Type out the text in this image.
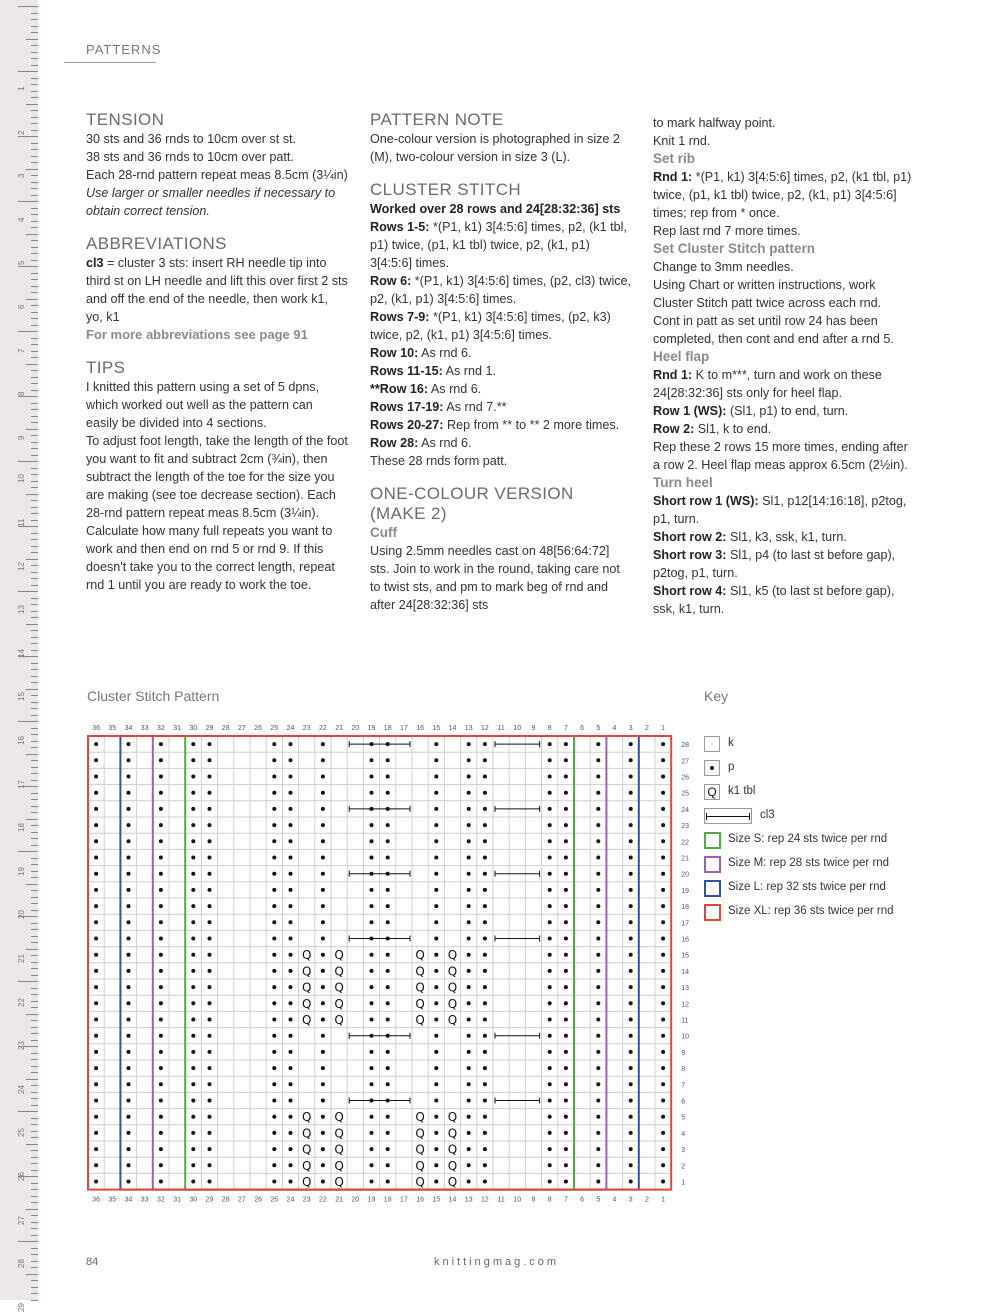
1
2
3
4
5
6
7
8
9
10
11
12
13
14
15
16
17
18
19
20
21
22
23
24
25
26
27
28
29
PATTERNS

TENSION

30 sts and 36 rnds to 10cm over st st.

38 sts and 36 rnds to 10cm over patt.

Each 28-rnd pattern repeat meas 8.5cm (3¼in)

Use larger or smaller needles if necessary to obtain correct tension.

ABBREVIATIONS

cl3 = cluster 3 sts: insert RH needle tip into third st on LH needle and lift this over first 2 sts and off the end of the needle, then work k1, yo, k1

For more abbreviations see page 91

TIPS

I knitted this pattern using a set of 5 dpns, which worked out well as the pattern can easily be divided into 4 sections.

To adjust foot length, take the length of the foot you want to fit and subtract 2cm (¾in), then subtract the length of the toe for the size you are making (see toe decrease section). Each 28-rnd pattern repeat meas 8.5cm (3¼in). Calculate how many full repeats you want to work and then end on rnd 5 or rnd 9. If this doesn't take you to the correct length, repeat rnd 1 until you are ready to work the toe.

PATTERN NOTE

One-colour version is photographed in size 2 (M), two-colour version in size 3 (L).

CLUSTER STITCH

Worked over 28 rows and 24[28:32:36] sts

Rows 1-5: *(P1, k1) 3[4:5:6] times, p2, (k1 tbl, p1) twice, (p1, k1 tbl) twice, p2, (k1, p1) 3[4:5:6] times.

Row 6: *(P1, k1) 3[4:5:6] times, (p2, cl3) twice, p2, (k1, p1) 3[4:5:6] times.

Rows 7-9: *(P1, k1) 3[4:5:6] times, (p2, k3) twice, p2, (k1, p1) 3[4:5:6] times.

Row 10: As rnd 6.

Rows 11-15: As rnd 1.

**Row 16: As rnd 6.

Rows 17-19: As rnd 7.**

Rows 20-27: Rep from ** to ** 2 more times.

Row 28: As rnd 6.

These 28 rnds form patt.

ONE-COLOUR VERSION (MAKE 2)

Cuff

Using 2.5mm needles cast on 48[56:64:72] sts. Join to work in the round, taking care not to twist sts, and pm to mark beg of rnd and after 24[28:32:36] sts

to mark halfway point.

Knit 1 rnd.

Set rib

Rnd 1: *(P1, k1) 3[4:5:6] times, p2, (k1 tbl, p1) twice, (p1, k1 tbl) twice, p2, (k1, p1) 3[4:5:6] times; rep from * once.

Rep last rnd 7 more times.

Set Cluster Stitch pattern

Change to 3mm needles.

Using Chart or written instructions, work Cluster Stitch patt twice across each rnd.

Cont in patt as set until row 24 has been completed, then cont and end after a rnd 5.

Heel flap

Rnd 1: K to m***, turn and work on these 24[28:32:36] sts only for heel flap.

Row 1 (WS): (Sl1, p1) to end, turn.

Row 2: Sl1, k to end.

Rep these 2 rows 15 more times, ending after a row 2. Heel flap meas approx 6.5cm (2½in).

Turn heel

Short row 1 (WS): Sl1, p12[14:16:18], p2tog, p1, turn.

Short row 2: Sl1, k3, ssk, k1, turn.

Short row 3: Sl1, p4 (to last st before gap), p2tog, p1, turn.

Short row 4: Sl1, k5 (to last st before gap), ssk, k1, turn.

Cluster Stitch Pattern
Ԛ
Ԛ
Ԛ
Ԛ
Ԛ
Ԛ
Ԛ
Ԛ
Ԛ
Ԛ
Ԛ
Ԛ
Ԛ
Ԛ
Ԛ
Ԛ
Ԛ
Ԛ
Ԛ
Ԛ
Ԛ
Ԛ
Ԛ
Ԛ
Ԛ
Ԛ
Ԛ
Ԛ
Ԛ
Ԛ
Ԛ
Ԛ
Ԛ
Ԛ
Ԛ
Ԛ
Ԛ
Ԛ
Ԛ
Ԛ
1
1
2
2
3
3
4
4
5
5
6
6
7
7
8
8
9
9
10
10
11
11
12
12
13
13
14
14
15
15
16
16
17
17
18
18
19
19
20
20
21
21
22
22
23
23
24
24
25
25
26
26
27
27
28
28
29
29
30
30
31
31
32
32
33
33
34
34
35
35
36
36
1
2
3
4
5
6
7
8
9
10
11
12
13
14
15
16
17
18
19
20
21
22
23
24
25
26
27
28
Key
k
p
Ԛ k1 tbl
cl3
Size S: rep 24 sts twice per rnd
Size M: rep 28 sts twice per rnd
Size L: rep 32 sts twice per rnd
Size XL: rep 36 sts twice per rnd
84	knittingmag.com
